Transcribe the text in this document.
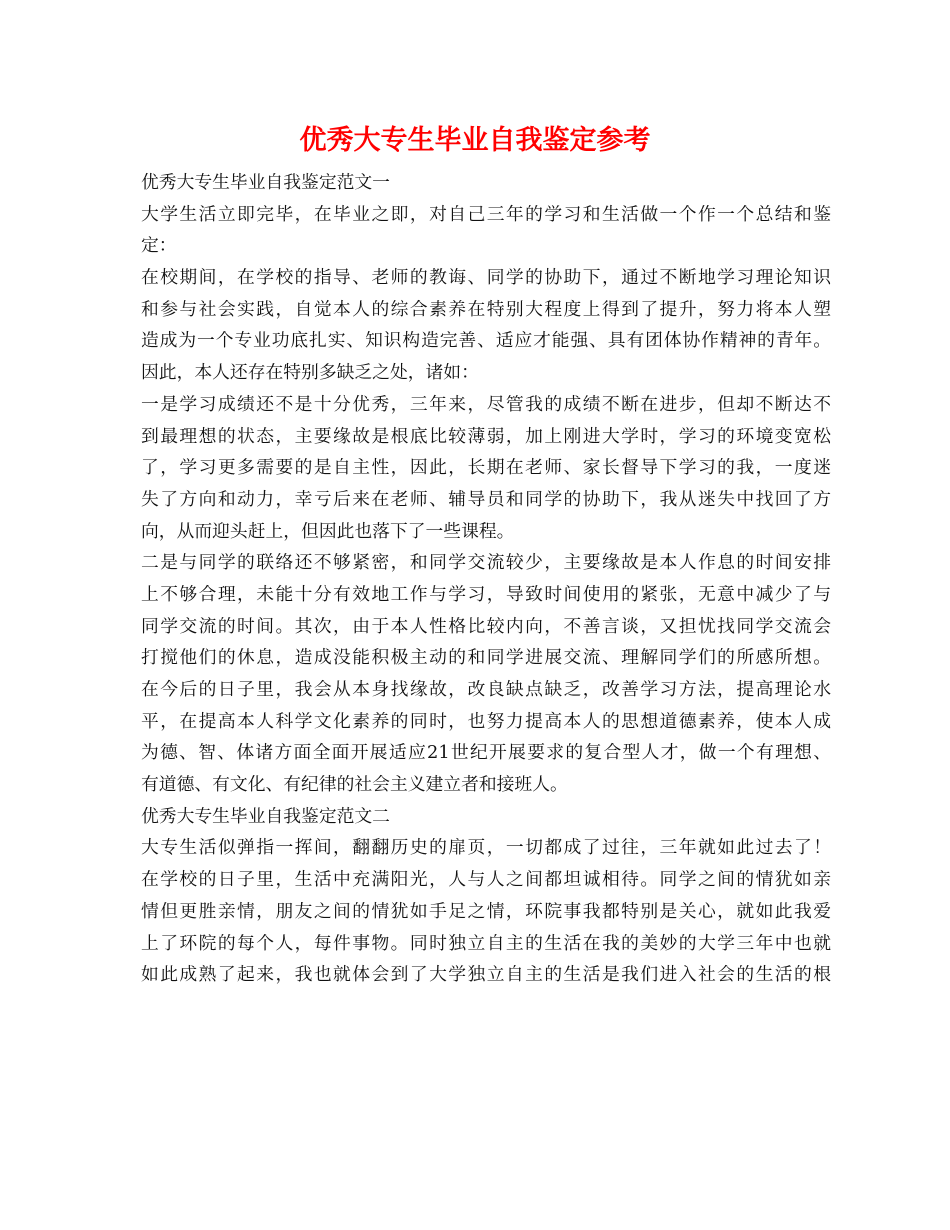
优秀大专生毕业自我鉴定参考
优秀大专生毕业自我鉴定范文一
大学生活立即完毕，在毕业之即，对自己三年的学习和生活做一个作一个总结和鉴
定：
在校期间，在学校的指导、老师的教诲、同学的协助下，通过不断地学习理论知识
和参与社会实践，自觉本人的综合素养在特别大程度上得到了提升，努力将本人塑
造成为一个专业功底扎实、知识构造完善、适应才能强、具有团体协作精神的青年。
因此，本人还存在特别多缺乏之处，诸如：
一是学习成绩还不是十分优秀，三年来，尽管我的成绩不断在进步，但却不断达不
到最理想的状态，主要缘故是根底比较薄弱，加上刚进大学时，学习的环境变宽松
了，学习更多需要的是自主性，因此，长期在老师、家长督导下学习的我，一度迷
失了方向和动力，幸亏后来在老师、辅导员和同学的协助下，我从迷失中找回了方
向，从而迎头赶上，但因此也落下了一些课程。
二是与同学的联络还不够紧密，和同学交流较少，主要缘故是本人作息的时间安排
上不够合理，未能十分有效地工作与学习，导致时间使用的紧张，无意中减少了与
同学交流的时间。其次，由于本人性格比较内向，不善言谈，又担忧找同学交流会
打搅他们的休息，造成没能积极主动的和同学进展交流、理解同学们的所感所想。
在今后的日子里，我会从本身找缘故，改良缺点缺乏，改善学习方法，提高理论水
平，在提高本人科学文化素养的同时，也努力提高本人的思想道德素养，使本人成
为德、智、体诸方面全面开展适应21世纪开展要求的复合型人才，做一个有理想、
有道德、有文化、有纪律的社会主义建立者和接班人。
优秀大专生毕业自我鉴定范文二
大专生活似弹指一挥间，翻翻历史的扉页，一切都成了过往，三年就如此过去了！
在学校的日子里，生活中充满阳光，人与人之间都坦诚相待。同学之间的情犹如亲
情但更胜亲情，朋友之间的情犹如手足之情，环院事我都特别是关心，就如此我爱
上了环院的每个人，每件事物。同时独立自主的生活在我的美妙的大学三年中也就
如此成熟了起来，我也就体会到了大学独立自主的生活是我们进入社会的生活的根
